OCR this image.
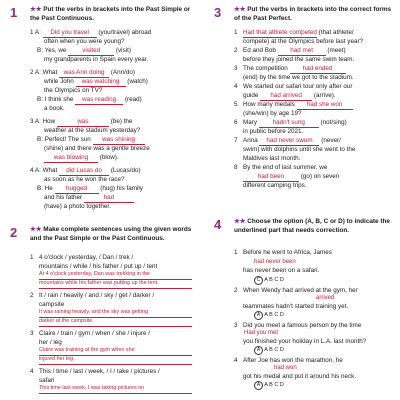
1 ★★ Put the verbs in brackets into the Past Simple or the Past Continuous.
1 A: Did you travel (you/travel) abroad
often when you were young?
B: Yes, we	visited	(visit)
my grandparents in Spain every year.
2 A: What was Ann doing (Ann/do)
while John was watching (watch)
the Olympics on TV?
B: I think she was reading (read)
a book.
3 A: How	was	(be) the
weather at the stadium yesterday?
B: Perfect! The sun was shining
(shine) and there was a gentle breeze
was blowing (blow).
4 A: What did Lucas do (Lucas/do)
as soon as he won the race?
B: He hugged (hug) his family
and his father	had
(have) a photo together.
2 ★★ Make complete sentences using the given words and the Past Simple or the Past Continuous.
1 4 o'clock / yesterday, / Dan / trek /
mountains / while / his father / put up / tent
At 4 o'clock yesterday, Dan was trekking in the
mountains while his father was putting up the tent.
2 It / rain / heavily / and / sky / get / darker /
campsite
It was raining heavily, and the sky was getting
darker at the campsite.
3 Claire / train / gym / when / she / injure /
her / leg
Claire was training at the gym when she
injured her leg.
4 This / time / last / week, / I / take / pictures /
safari
This time last week, I was taking pictures on
3 ★★ Put the verbs in brackets into the correct forms of the Past Perfect.
1 Had that athlete competed (that athlete/
compete) at the Olympics before last year?
2 Ed and Bob had met (meet)
before they joined the same swim team.
3 The competition had ended
(end) by the time we got to the stadium.
4 We started our safari tour only after our
guide had arrived (arrive).
5 How many medals had she won
(she/win) by age 19?
6 Mary hadn't sung (not/sing)
in public before 2021.
7 Anna had never swum (never/
swim) with dolphins until she went to the
Maldives last month.
8 By the end of last summer, we
had been	(go) on seven
different camping trips.
4 ★★ Choose the option (A, B, C or D) to indicate the underlined part that needs correction.
1 Before he went to Africa, James
had never been
has never been on a safari.
C A B C D
2 When Wendy had arrived at the gym, her
arrived
teammates hadn't started training yet.
A A B C D
3 Did you meet a famous person by the time
Had you met
you finished your holiday in L.A. last month?
A A B C D
4 After Joe has won the marathon, he
had won
got his medal and put it around his neck.
A A B C D
